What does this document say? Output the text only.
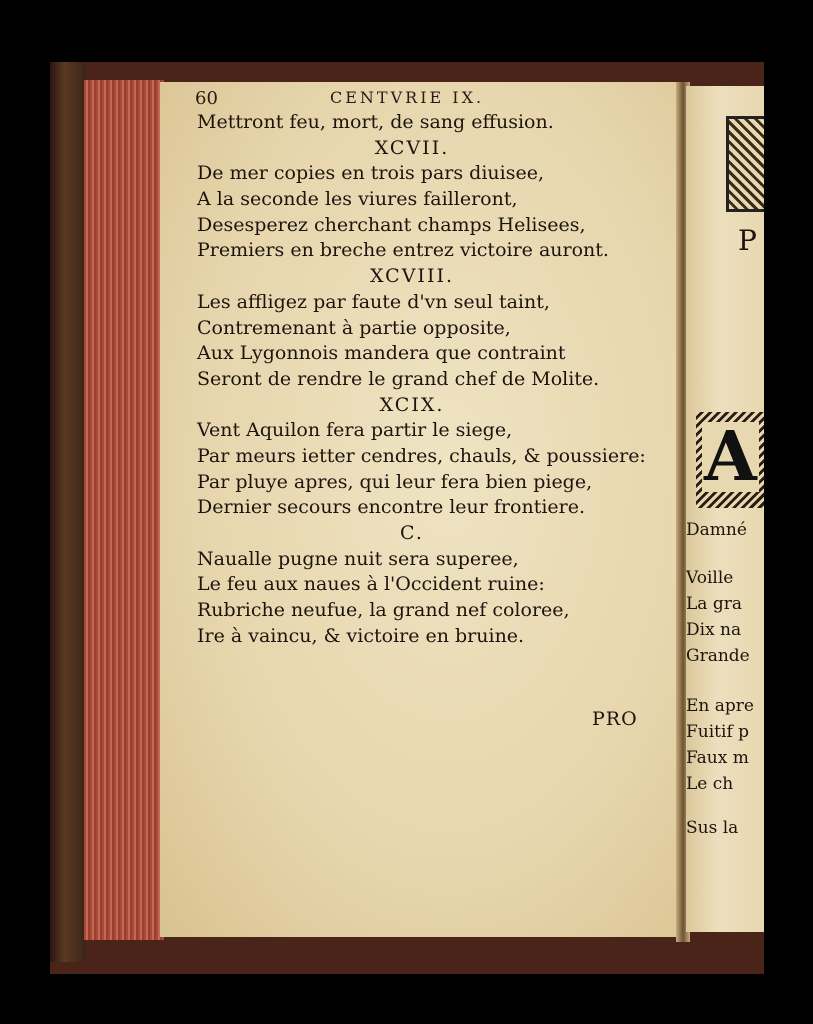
P
A
Damné
Voille
La gra
Dix na
Grande
En apre
Fuitif p
Faux m
Le ch
Sus la
60	CENTVRIE IX.
Mettront feu, mort, de sang effusion.
XCVII.
De mer copies en trois pars diuisee,
A la seconde les viures failleront,
Desesperez cherchant champs Helisees,
Premiers en breche entrez victoire auront.
XCVIII.
Les affligez par faute d'vn seul taint,
Contremenant à partie opposite,
Aux Lygonnois mandera que contraint
Seront de rendre le grand chef de Molite.
XCIX.
Vent Aquilon fera partir le siege,
Par meurs ietter cendres, chauls, & poussiere:
Par pluye apres, qui leur fera bien piege,
Dernier secours encontre leur frontiere.
C.
Naualle pugne nuit sera superee,
Le feu aux naues à l'Occident ruine:
Rubriche neufue, la grand nef coloree,
Ire à vaincu, & victoire en bruine.
PRO
